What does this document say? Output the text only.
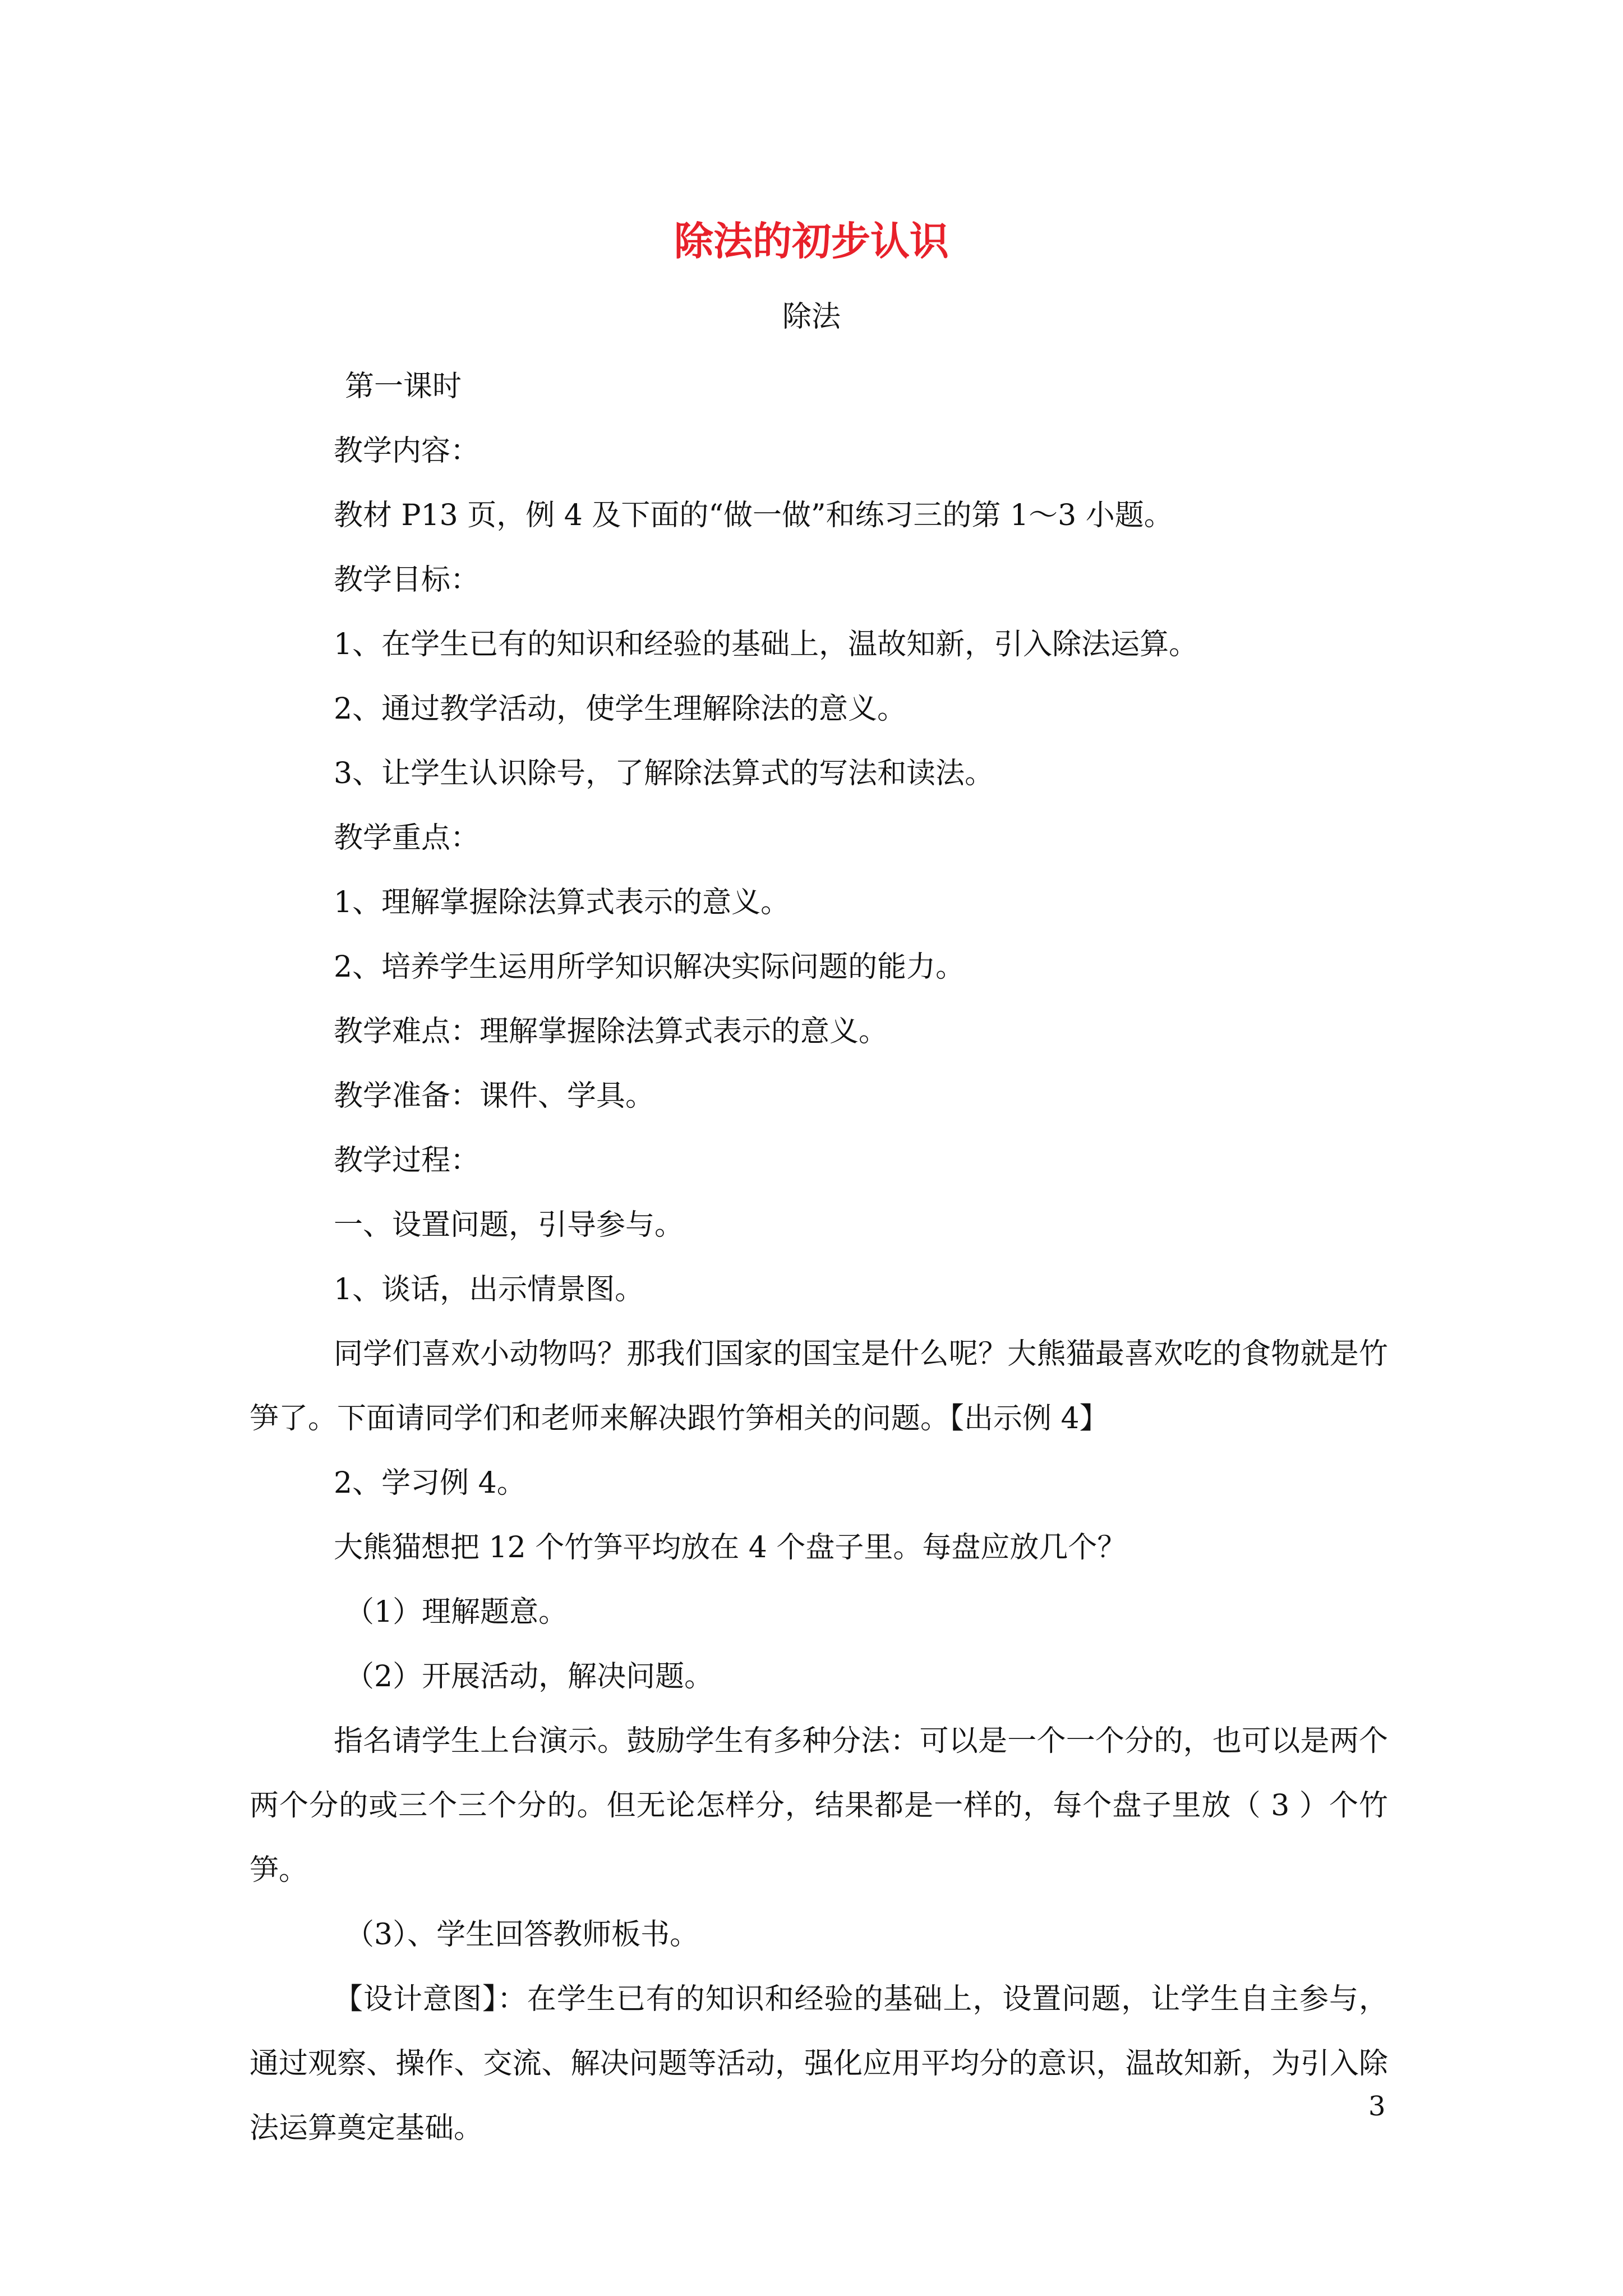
除法的初步认识
除法

第一课时

教学内容：

教材 P13 页，例 4 及下面的“做一做”和练习三的第 1～3 小题。

教学目标：

1、在学生已有的知识和经验的基础上，温故知新，引入除法运算。

2、通过教学活动，使学生理解除法的意义。

3、让学生认识除号，了解除法算式的写法和读法。

教学重点：

1、理解掌握除法算式表示的意义。

2、培养学生运用所学知识解决实际问题的能力。

教学难点：理解掌握除法算式表示的意义。

教学准备：课件、学具。

教学过程：

一、设置问题，引导参与。

1、谈话，出示情景图。

同学们喜欢小动物吗？那我们国家的国宝是什么呢？大熊猫最喜欢吃的食物就是竹笋了。下面请同学们和老师来解决跟竹笋相关的问题。【出示例 4】

2、学习例 4。

大熊猫想把 12 个竹笋平均放在 4 个盘子里。每盘应放几个？

（1）理解题意。

（2）开展活动，解决问题。

指名请学生上台演示。鼓励学生有多种分法：可以是一个一个分的，也可以是两个两个分的或三个三个分的。但无论怎样分，结果都是一样的，每个盘子里放（ 3 ）个竹笋。

（3）、学生回答教师板书。

【设计意图】：在学生已有的知识和经验的基础上，设置问题，让学生自主参与，通过观察、操作、交流、解决问题等活动，强化应用平均分的意识，温故知新，为引入除法运算奠定基础。

3
